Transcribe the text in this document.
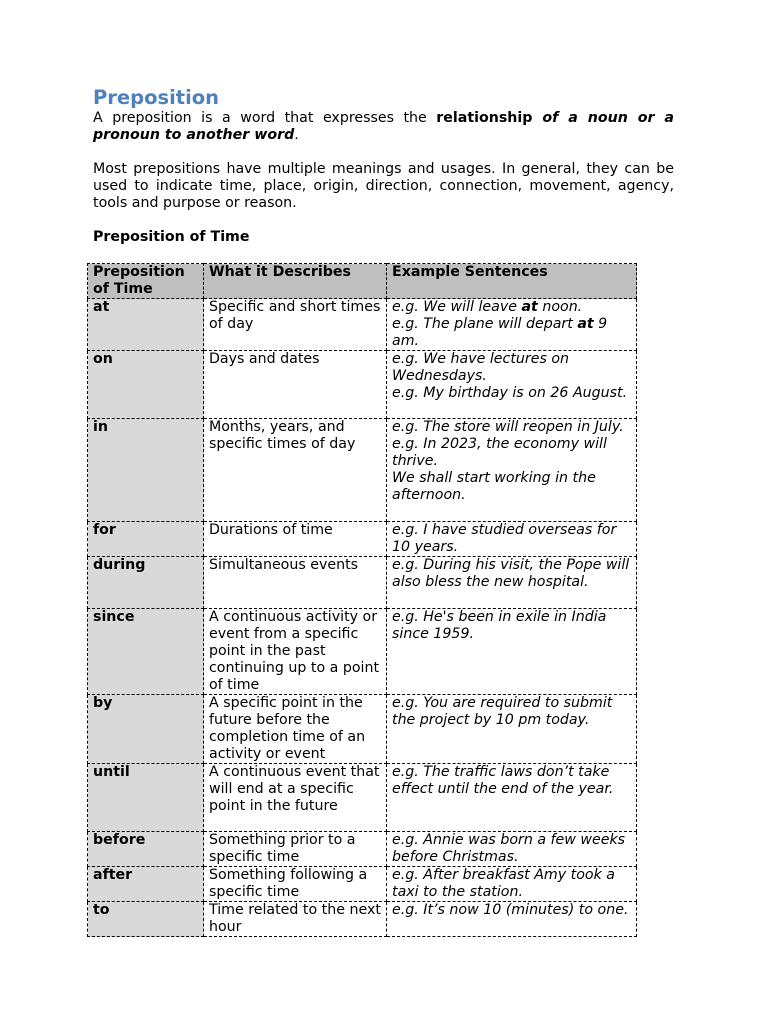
Preposition

A preposition is a word that expresses the relationship of a noun or a pronoun to another word.

Most prepositions have multiple meanings and usages. In general, they can be used to indicate time, place, origin, direction, connection, movement, agency, tools and purpose or reason.

Preposition of Time

Preposition of Time	What it Describes	Example Sentences
at	Specific and short times of day	e.g. We will leave at noon.
e.g. The plane will depart at 9 am.

on	Days and dates	e.g. We have lectures on Wednesdays.
e.g. My birthday is on 26 August.

in	Months, years, and specific times of day	e.g. The store will reopen in July.
e.g. In 2023, the economy will thrive.
We shall start working in the afternoon.

for	Durations of time	e.g. I have studied overseas for 10 years.

during	Simultaneous events	e.g. During his visit, the Pope will also bless the new hospital.

since	A continuous activity or event from a specific point in the past continuing up to a point of time	e.g. He's been in exile in India since 1959.

by	A specific point in the future before the completion time of an activity or event	e.g. You are required to submit the project by 10 pm today.

until	A continuous event that will end at a specific point in the future	e.g. The traffic laws don’t take effect until the end of the year.

before	Something prior to a specific time	e.g. Annie was born a few weeks before Christmas.

after	Something following a specific time	e.g. After breakfast Amy took a taxi to the station.

to	Time related to the next hour	e.g. It’s now 10 (minutes) to one.
